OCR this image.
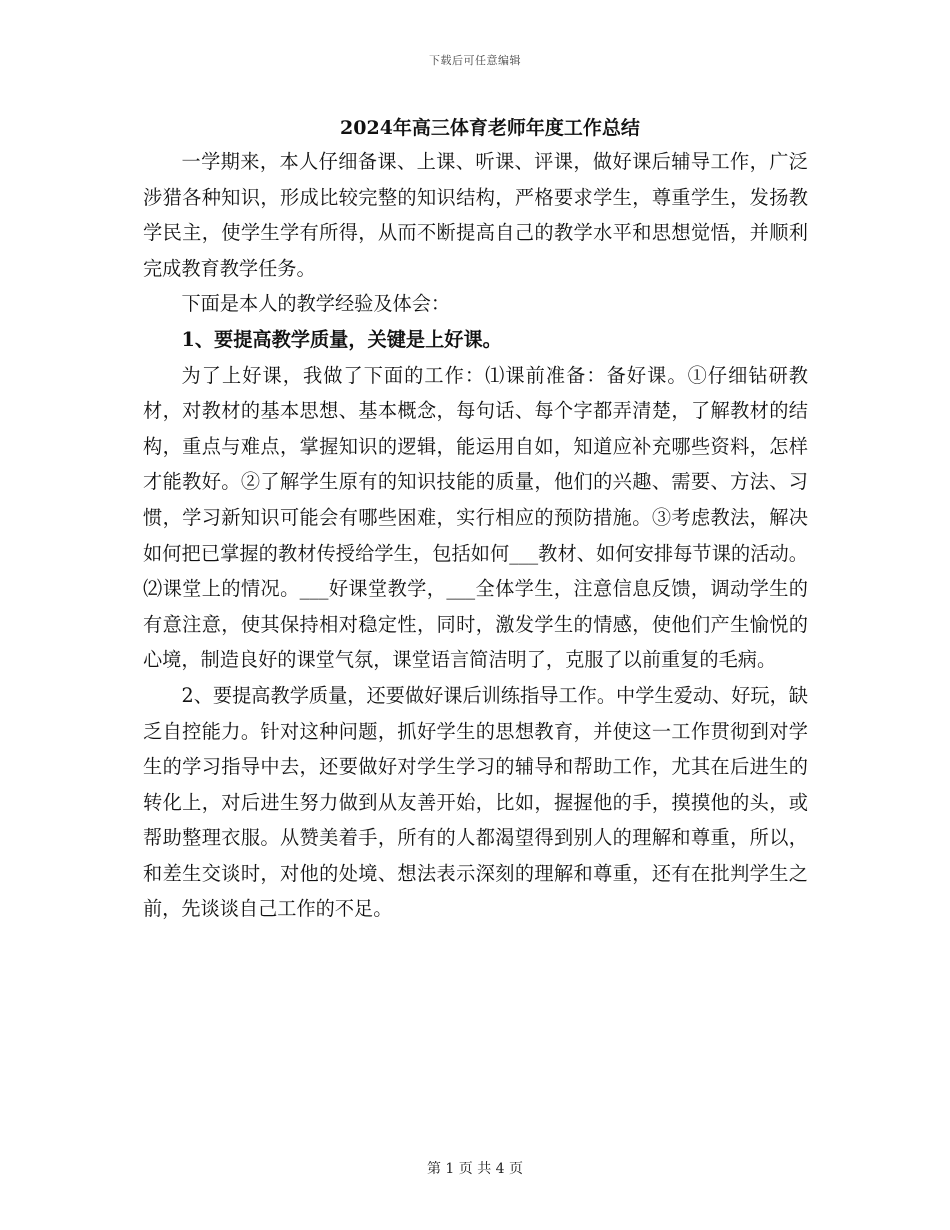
下载后可任意编辑
2024年高三体育老师年度工作总结

一学期来，本人仔细备课、上课、听课、评课，做好课后辅导工作，广泛涉猎各种知识，形成比较完整的知识结构，严格要求学生，尊重学生，发扬教学民主，使学生学有所得，从而不断提高自己的教学水平和思想觉悟，并顺利完成教育教学任务。

下面是本人的教学经验及体会：

1、要提高教学质量，关键是上好课。

为了上好课，我做了下面的工作：⑴课前准备：备好课。①仔细钻研教材，对教材的基本思想、基本概念，每句话、每个字都弄清楚，了解教材的结构，重点与难点，掌握知识的逻辑，能运用自如，知道应补充哪些资料，怎样才能教好。②了解学生原有的知识技能的质量，他们的兴趣、需要、方法、习惯，学习新知识可能会有哪些困难，实行相应的预防措施。③考虑教法，解决如何把已掌握的教材传授给学生，包括如何___教材、如何安排每节课的活动。⑵课堂上的情况。___好课堂教学，___全体学生，注意信息反馈，调动学生的有意注意，使其保持相对稳定性，同时，激发学生的情感，使他们产生愉悦的心境，制造良好的课堂气氛，课堂语言简洁明了，克服了以前重复的毛病。

2、要提高教学质量，还要做好课后训练指导工作。中学生爱动、好玩，缺乏自控能力。针对这种问题，抓好学生的思想教育，并使这一工作贯彻到对学生的学习指导中去，还要做好对学生学习的辅导和帮助工作，尤其在后进生的转化上，对后进生努力做到从友善开始，比如，握握他的手，摸摸他的头，或帮助整理衣服。从赞美着手，所有的人都渴望得到别人的理解和尊重，所以，和差生交谈时，对他的处境、想法表示深刻的理解和尊重，还有在批判学生之前，先谈谈自己工作的不足。

第 1 页 共 4 页
